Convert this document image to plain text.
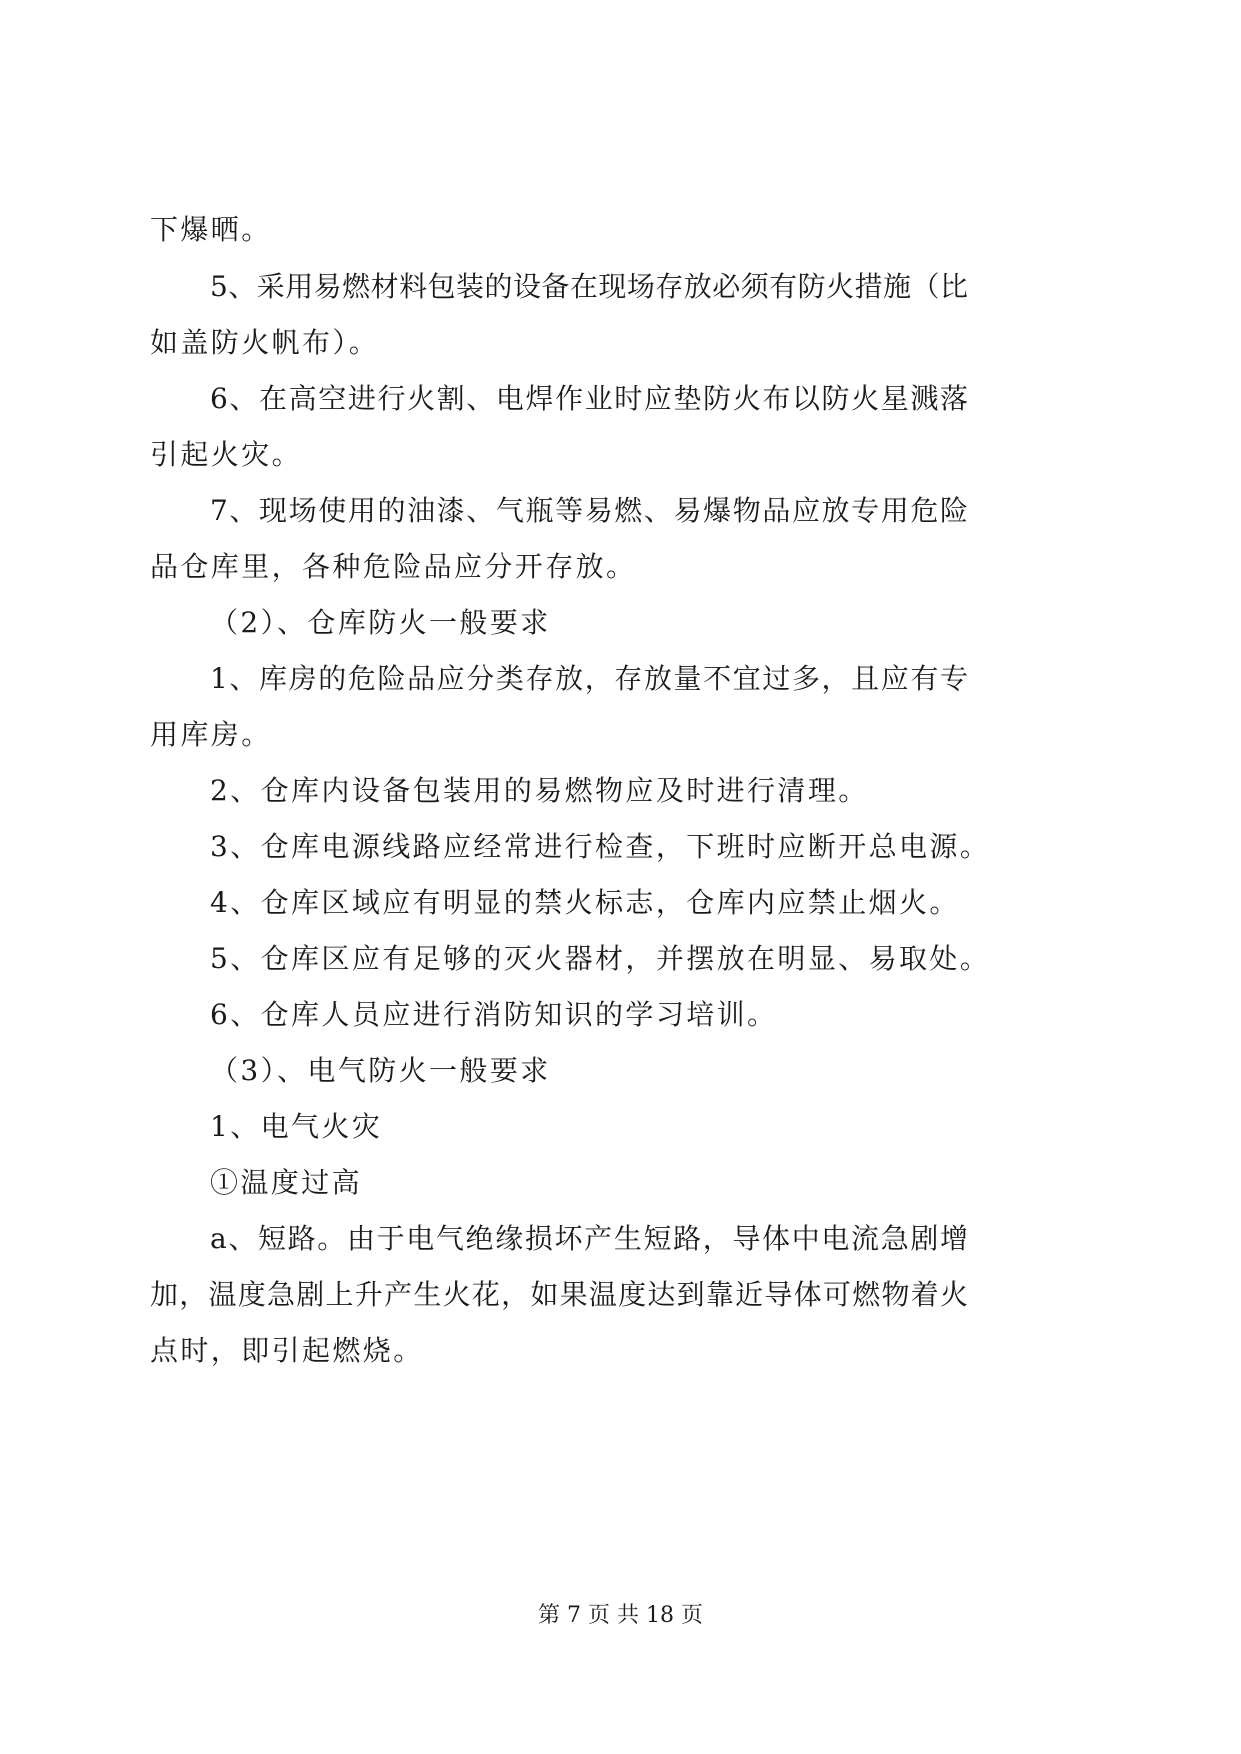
下爆晒。
5、采用易燃材料包装的设备在现场存放必须有防火措施（比
如盖防火帆布）。
6、在高空进行火割、电焊作业时应垫防火布以防火星溅落
引起火灾。
7、现场使用的油漆、气瓶等易燃、易爆物品应放专用危险
品仓库里，各种危险品应分开存放。
（2）、仓库防火一般要求
1、库房的危险品应分类存放，存放量不宜过多，且应有专
用库房。
2、仓库内设备包装用的易燃物应及时进行清理。
3、仓库电源线路应经常进行检查，下班时应断开总电源。
4、仓库区域应有明显的禁火标志，仓库内应禁止烟火。
5、仓库区应有足够的灭火器材，并摆放在明显、易取处。
6、仓库人员应进行消防知识的学习培训。
（3）、电气防火一般要求
1、电气火灾
①温度过高
a、短路。由于电气绝缘损坏产生短路，导体中电流急剧增
加，温度急剧上升产生火花，如果温度达到靠近导体可燃物着火
点时，即引起燃烧。
第 7 页 共 18 页
